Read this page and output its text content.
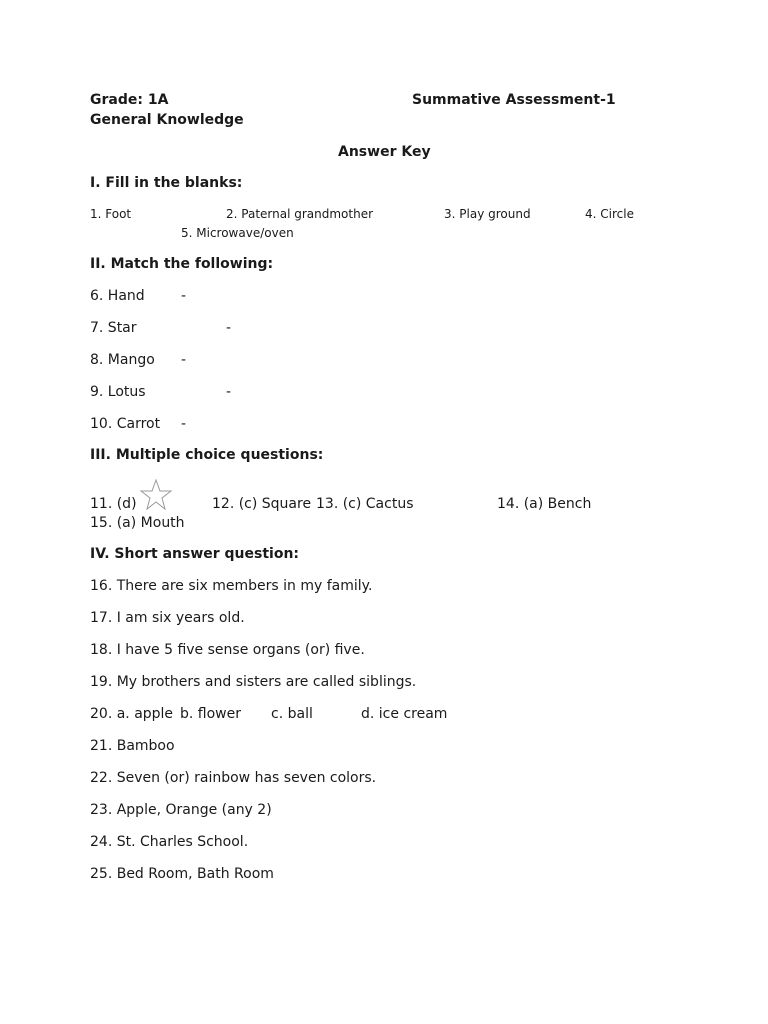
Grade: 1A	Summative Assessment-1
General Knowledge
Answer Key
I. Fill in the blanks:
1. Foot	2. Paternal grandmother	3. Play ground	4. Circle
5. Microwave/oven
II. Match the following:
6. Hand	-
7. Star	-
8. Mango -
9. Lotus	-
10. Carrot -
III. Multiple choice questions:
11. (d)	12. (c) Square 13. (c) Cactus	14. (a) Bench
15. (a) Mouth
IV. Short answer question:
16. There are six members in my family.
17. I am six years old.
18. I have 5 five sense organs (or) five.
19. My brothers and sisters are called siblings.
20. a. apple b. flower c. ball	d. ice cream
21. Bamboo
22. Seven (or) rainbow has seven colors.
23. Apple, Orange (any 2)
24. St. Charles School.
25. Bed Room, Bath Room
